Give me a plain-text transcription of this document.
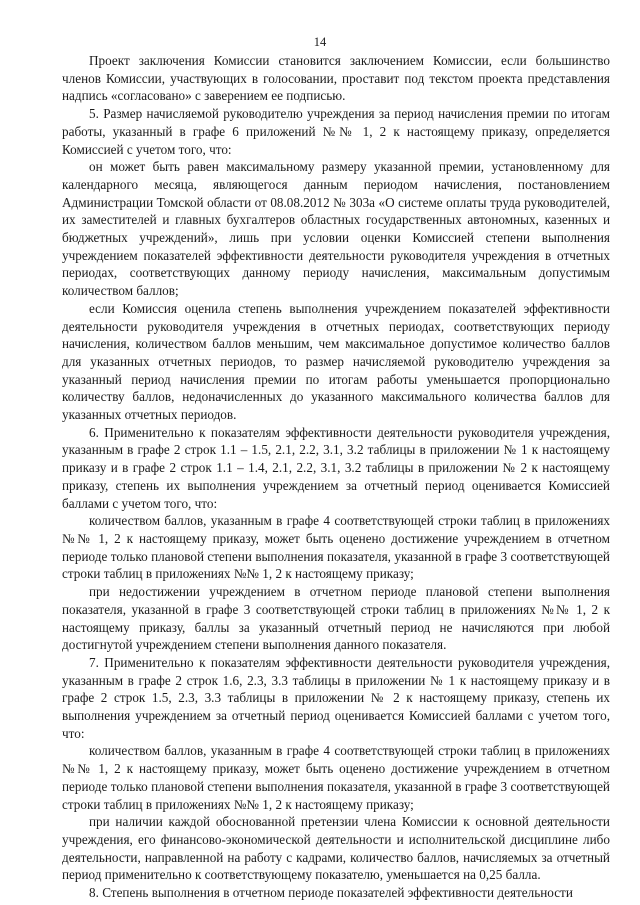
14

Проект заключения Комиссии становится заключением Комиссии, если большинство членов Комиссии, участвующих в голосовании, проставит под текстом проекта представления надпись «согласовано» с заверением ее подписью.

5. Размер начисляемой руководителю учреждения за период начисления премии по итогам работы, указанный в графе 6 приложений №№ 1, 2 к настоящему приказу, определяется Комиссией с учетом того, что:

он может быть равен максимальному размеру указанной премии, установленному для календарного месяца, являющегося данным периодом начисления, постановлением Администрации Томской области от 08.08.2012 № 303а «О системе оплаты труда руководителей, их заместителей и главных бухгалтеров областных государственных автономных, казенных и бюджетных учреждений», лишь при условии оценки Комиссией степени выполнения учреждением показателей эффективности деятельности руководителя учреждения в отчетных периодах, соответствующих данному периоду начисления, максимальным допустимым количеством баллов;

если Комиссия оценила степень выполнения учреждением показателей эффективности деятельности руководителя учреждения в отчетных периодах, соответствующих периоду начисления, количеством баллов меньшим, чем максимальное допустимое количество баллов для указанных отчетных периодов, то размер начисляемой руководителю учреждения за указанный период начисления премии по итогам работы уменьшается пропорционально количеству баллов, недоначисленных до указанного максимального количества баллов для указанных отчетных периодов.

6. Применительно к показателям эффективности деятельности руководителя учреждения, указанным в графе 2 строк 1.1 – 1.5, 2.1, 2.2, 3.1, 3.2 таблицы в приложении № 1 к настоящему приказу и в графе 2 строк 1.1 – 1.4, 2.1, 2.2, 3.1, 3.2 таблицы в приложении № 2 к настоящему приказу, степень их выполнения учреждением за отчетный период оценивается Комиссией баллами с учетом того, что:

количеством баллов, указанным в графе 4 соответствующей строки таблиц в приложениях №№ 1, 2 к настоящему приказу, может быть оценено достижение учреждением в отчетном периоде только плановой степени выполнения показателя, указанной в графе 3 соответствующей строки таблиц в приложениях №№ 1, 2 к настоящему приказу;

при недостижении учреждением в отчетном периоде плановой степени выполнения показателя, указанной в графе 3 соответствующей строки таблиц в приложениях №№ 1, 2 к настоящему приказу, баллы за указанный отчетный период не начисляются при любой достигнутой учреждением степени выполнения данного показателя.

7. Применительно к показателям эффективности деятельности руководителя учреждения, указанным в графе 2 строк 1.6, 2.3, 3.3 таблицы в приложении № 1 к настоящему приказу и в графе 2 строк 1.5, 2.3, 3.3 таблицы в приложении № 2 к настоящему приказу, степень их выполнения учреждением за отчетный период оценивается Комиссией баллами с учетом того, что:

количеством баллов, указанным в графе 4 соответствующей строки таблиц в приложениях №№ 1, 2 к настоящему приказу, может быть оценено достижение учреждением в отчетном периоде только плановой степени выполнения показателя, указанной в графе 3 соответствующей строки таблиц в приложениях №№ 1, 2 к настоящему приказу;

при наличии каждой обоснованной претензии члена Комиссии к основной деятельности учреждения, его финансово-экономической деятельности и исполнительской дисциплине либо деятельности, направленной на работу с кадрами, количество баллов, начисляемых за отчетный период применительно к соответствующему показателю, уменьшается на 0,25 балла.

8. Степень выполнения в отчетном периоде показателей эффективности деятельности
